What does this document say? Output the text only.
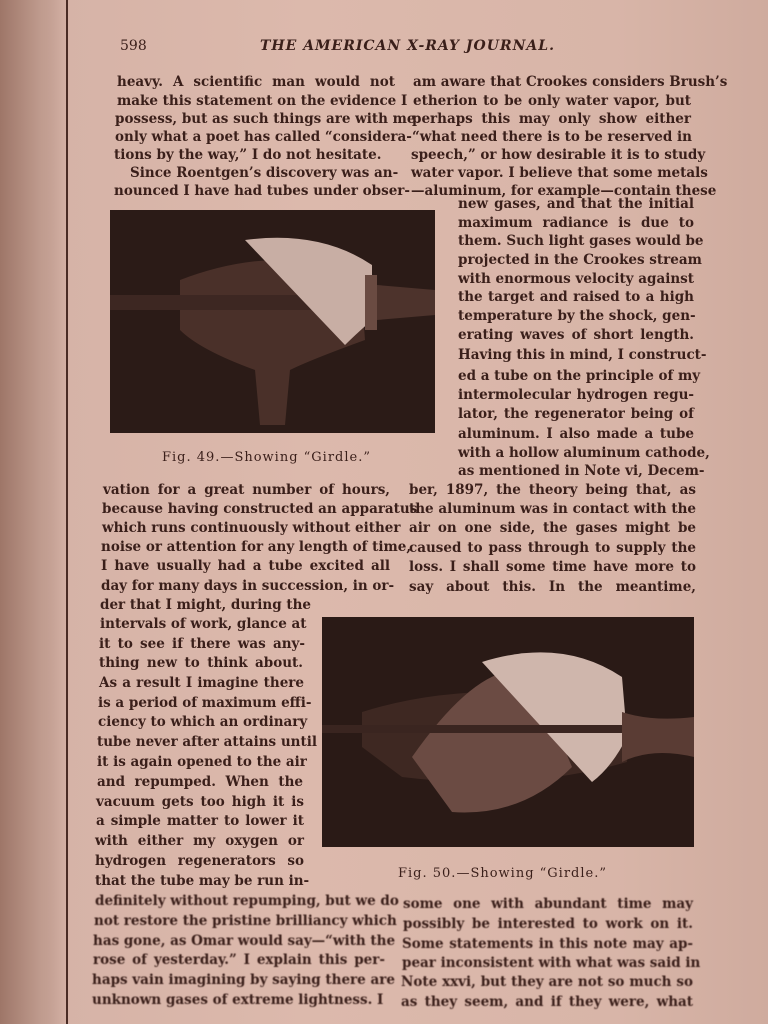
598	THE AMERICAN X-RAY JOURNAL.
heavy. A scientific man would not
make this statement on the evidence I
possess, but as such things are with me
only what a poet has called “considera-
tions by the way,” I do not hesitate.
Since Roentgen’s discovery was an-
nounced I have had tubes under obser-
am aware that Crookes considers Brush’s
etherion to be only water vapor, but
perhaps this may only show either
“what need there is to be reserved in
speech,” or how desirable it is to study
water vapor. I believe that some metals
—aluminum, for example—contain these
Fig. 49.—Showing “Girdle.”
new gases, and that the initial
maximum radiance is due to
them. Such light gases would be
projected in the Crookes stream
with enormous velocity against
the target and raised to a high
temperature by the shock, gen-
erating waves of short length.
Having this in mind, I construct-
ed a tube on the principle of my
intermolecular hydrogen regu-
lator, the regenerator being of
aluminum. I also made a tube
with a hollow aluminum cathode,
as mentioned in Note vi, Decem-
vation for a great number of hours,
because having constructed an apparatus
which runs continuously without either
noise or attention for any length of time,
I have usually had a tube excited all
day for many days in succession, in or-
ber, 1897, the theory being that, as
the aluminum was in contact with the
air on one side, the gases might be
caused to pass through to supply the
loss. I shall some time have more to
say about this. In the meantime,
der that I might, during the
intervals of work, glance at
it to see if there was any-
thing new to think about.
As a result I imagine there
is a period of maximum effi-
ciency to which an ordinary
tube never after attains until
it is again opened to the air
and repumped. When the
vacuum gets too high it is
a simple matter to lower it
with either my oxygen or
hydrogen regenerators so
that the tube may be run in-	Fig. 50.—Showing “Girdle.”
definitely without repumping, but we do
not restore the pristine brilliancy which
has gone, as Omar would say—“with the
rose of yesterday.” I explain this per-
haps vain imagining by saying there are
unknown gases of extreme lightness. I
some one with abundant time may
possibly be interested to work on it.
Some statements in this note may ap-
pear inconsistent with what was said in
Note xxvi, but they are not so much so
as they seem, and if they were, what
